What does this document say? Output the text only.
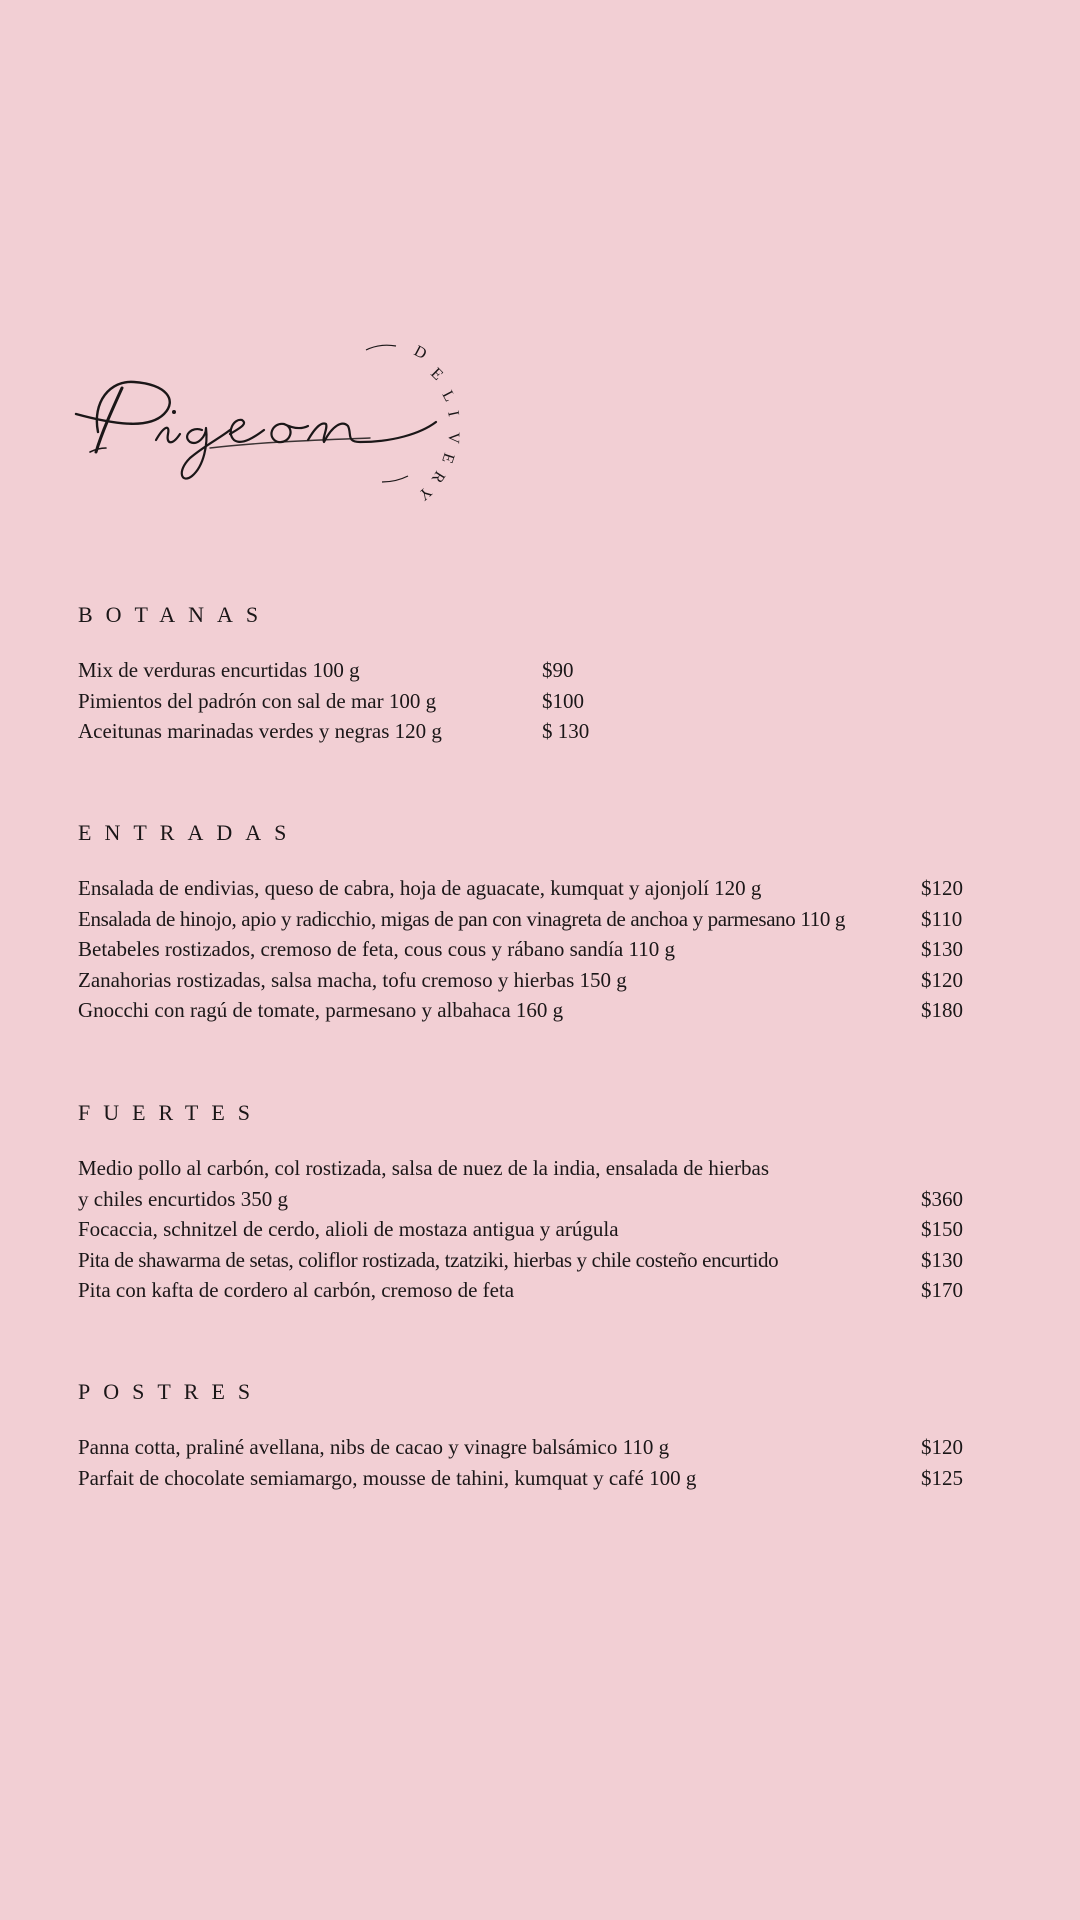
D
E
L
I
V
E
R
Y
BOTANAS
Mix de verduras encurtidas 100 g	$90
Pimientos del padrón con sal de mar 100 g	$100
Aceitunas marinadas verdes y negras 120 g	$ 130
ENTRADAS
Ensalada de endivias, queso de cabra, hoja de aguacate, kumquat y ajonjolí 120 g	$120
Ensalada de hinojo, apio y radicchio, migas de pan con vinagreta de anchoa y parmesano 110 g	$110
Betabeles rostizados, cremoso de feta, cous cous y rábano sandía 110 g	$130
Zanahorias rostizadas, salsa macha, tofu cremoso y hierbas 150 g	$120
Gnocchi con ragú de tomate, parmesano y albahaca 160 g	$180
FUERTES
Medio pollo al carbón, col rostizada, salsa de nuez de la india, ensalada de hierbas
y chiles encurtidos 350 g	$360
Focaccia, schnitzel de cerdo, alioli de mostaza antigua y arúgula	$150
Pita de shawarma de setas, coliflor rostizada, tzatziki, hierbas y chile costeño encurtido	$130
Pita con kafta de cordero al carbón, cremoso de feta	$170
POSTRES
Panna cotta, praliné avellana, nibs de cacao y vinagre balsámico 110 g	$120
Parfait de chocolate semiamargo, mousse de tahini, kumquat y café 100 g	$125
